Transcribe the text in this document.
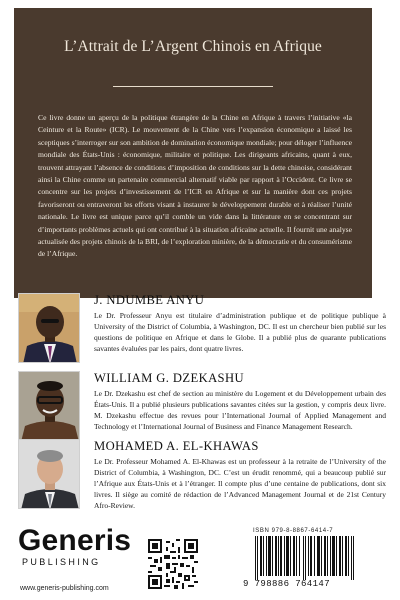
L’Attrait de L’Argent Chinois en Afrique

Ce livre donne un aperçu de la politique étrangère de la Chine en Afrique à travers l’initiative «la Ceinture et la Route» (ICR). Le mouvement de la Chine vers l’expansion économique a laissé les sceptiques s’interroger sur son ambition de domination économique mondiale; pour déloger l’influence mondiale des États-Unis : économique, militaire et politique. Les dirigeants africains, quant à eux, trouvent attrayant l’absence de conditions d’imposition de conditions sur la dette chinoise, considérant ainsi la Chine comme un partenaire commercial alternatif viable par rapport à l’Occident. Ce livre se concentre sur les projets d’investissement de l’ICR en Afrique et sur la manière dont ces projets favoriseront ou entraveront les efforts visant à instaurer le développement durable et à réaliser l’unité nationale. Le livre est unique parce qu’il comble un vide dans la littérature en se concentrant sur d’importants problèmes actuels qui ont contribué à la situation africaine actuelle. Il fournit une analyse actualisée des projets chinois de la BRI, de l’exploration minière, de la démocratie et du consumérisme de l’Afrique.

J. NDUMBE ANYU

Le Dr. Professeur Anyu est titulaire d’administration publique et de politique publique à University of the District of Columbia, à Washington, DC. Il est un chercheur bien publié sur les questions de politique en Afrique et dans le Globe. Il a publié plus de quarante publications savantes évaluées par les pairs, dont quatre livres.

WILLIAM G. DZEKASHU

Le Dr. Dzekashu est chef de section au ministère du Logement et du Développement urbain des États-Unis. Il a publié plusieurs publications savantes citées sur la gestion, y compris deux livre. M. Dzekashu effectue des revues pour l’International Journal of Applied Management and Technology et l’International Journal of Business and Finance Management Research.

MOHAMED A. EL-KHAWAS

Le Dr. Professeur Mohamed A. El-Khawas est un professeur à la retraite de l’University of the District of Columbia, à Washington, DC. C’est un érudit renommé, qui a beaucoup publié sur l’Afrique aux États-Unis et à l’étranger. Il compte plus d’une centaine de publications, dont six livres. Il siège au comité de rédaction de l’Advanced Management Journal et de 21st Century Afro-Review.

Generis
PUBLISHING
www.generis-publishing.com
ISBN 979-8-8867-6414-7
9 798886 764147
